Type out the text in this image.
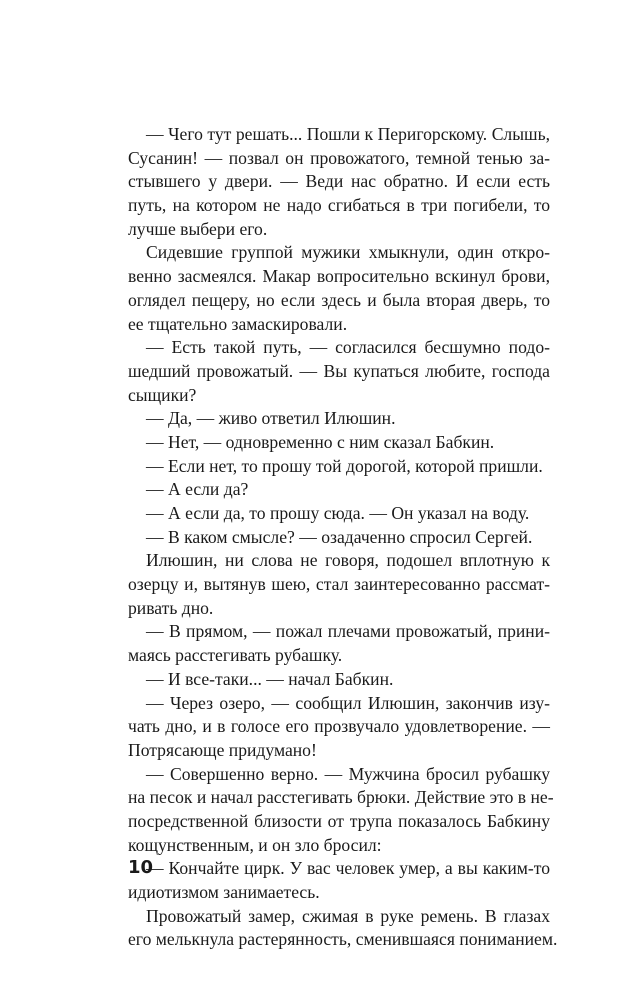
— Чего тут решать... Пошли к Перигорскому. Слышь,
Сусанин! — позвал он провожатого, темной тенью за-
стывшего у двери. — Веди нас обратно. И если есть
путь, на котором не надо сгибаться в три погибели, то
лучше выбери его.
Сидевшие группой мужики хмыкнули, один открo-
венно засмеялся. Макар вопросительно вскинул брови,
оглядел пещеру, но если здесь и была вторая дверь, то
ее тщательно замаскировали.
— Есть такой путь, — согласился бесшумно подо-
шедший провожатый. — Вы купаться любите, господа
сыщики?
— Да, — живо ответил Илюшин.
— Нет, — одновременно с ним сказал Бабкин.
— Если нет, то прошу той дорогой, которой пришли.
— А если да?
— А если да, то прошу сюда. — Он указал на воду.
— В каком смысле? — озадаченно спросил Сергей.
Илюшин, ни слова не говоря, подошел вплотную к
озерцу и, вытянув шею, стал заинтересованно рассмат-
ривать дно.
— В прямом, — пожал плечами провожатый, прини-
маясь расстегивать рубашку.
— И все-таки... — начал Бабкин.
— Через озеро, — сообщил Илюшин, закончив изу-
чать дно, и в голосе его прозвучало удовлетворение. —
Потрясающе придумано!
— Совершенно верно. — Мужчина бросил рубашку
на песок и начал расстегивать брюки. Действие это в не-
посредственной близости от трупа показалось Бабкину
кощунственным, и он зло бросил:
— Кончайте цирк. У вас человек умер, а вы каким-то
идиотизмом занимаетесь.
Провожатый замер, сжимая в руке ремень. В глазах
его мелькнула растерянность, сменившаяся пониманием.
10
